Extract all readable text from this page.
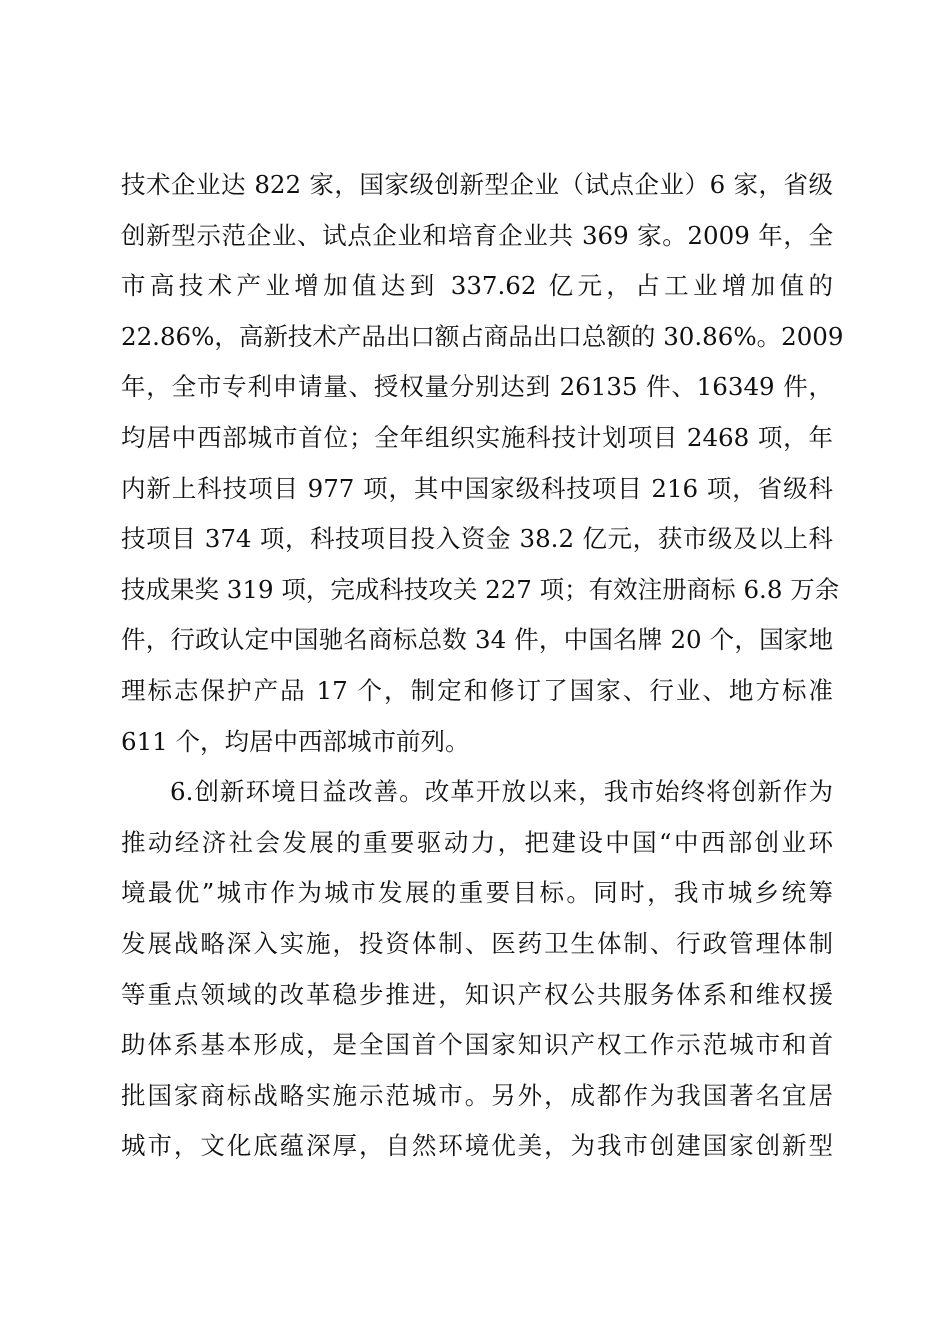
技术企业达 822 家，国家级创新型企业（试点企业）6 家，省级
创新型示范企业、试点企业和培育企业共 369 家。2009 年，全
市高技术产业增加值达到 337.62 亿元，占工业增加值的
22.86%，高新技术产品出口额占商品出口总额的 30.86%。2009
年，全市专利申请量、授权量分别达到 26135 件、16349 件，
均居中西部城市首位；全年组织实施科技计划项目 2468 项，年
内新上科技项目 977 项，其中国家级科技项目 216 项，省级科
技项目 374 项，科技项目投入资金 38.2 亿元，获市级及以上科
技成果奖 319 项，完成科技攻关 227 项；有效注册商标 6.8 万余
件，行政认定中国驰名商标总数 34 件，中国名牌 20 个，国家地
理标志保护产品 17 个，制定和修订了国家、行业、地方标准
611 个，均居中西部城市前列。
6.创新环境日益改善。改革开放以来，我市始终将创新作为
推动经济社会发展的重要驱动力，把建设中国“中西部创业环
境最优”城市作为城市发展的重要目标。同时，我市城乡统筹
发展战略深入实施，投资体制、医药卫生体制、行政管理体制
等重点领域的改革稳步推进，知识产权公共服务体系和维权援
助体系基本形成，是全国首个国家知识产权工作示范城市和首
批国家商标战略实施示范城市。另外，成都作为我国著名宜居
城市，文化底蕴深厚，自然环境优美，为我市创建国家创新型
